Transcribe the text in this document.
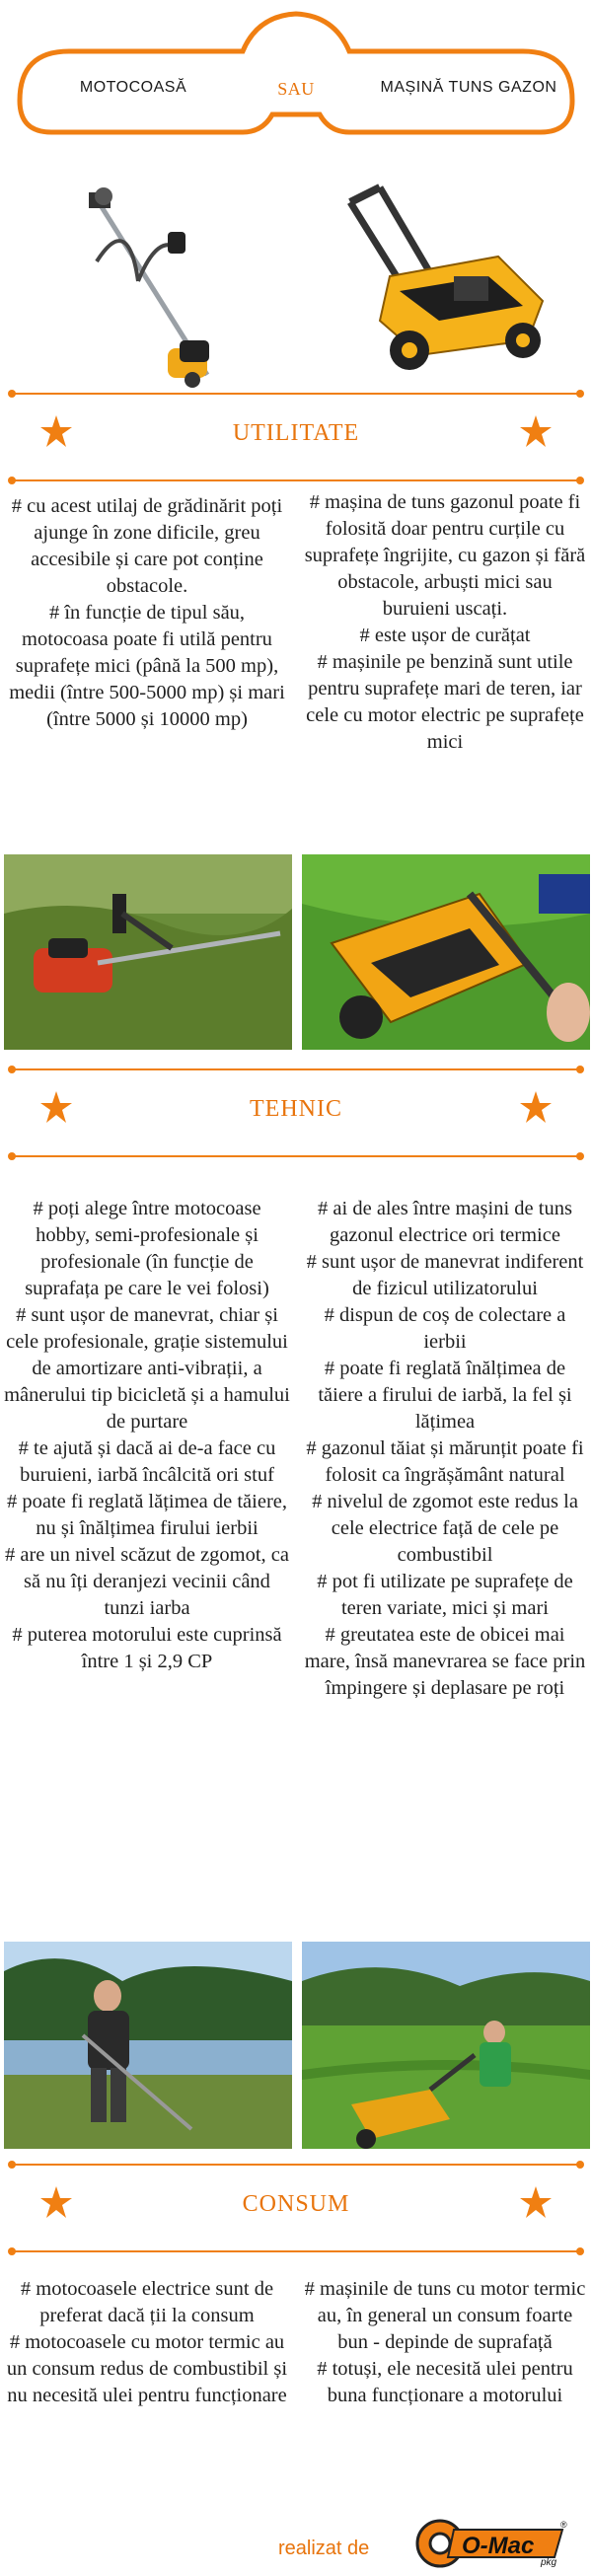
MOTOCOASĂ	SAU	MAȘINĂ TUNS GAZON
UTILITATE

# cu acest utilaj de grădinărit poți ajunge în zone dificile, greu accesibile și care pot conține obstacole.

# în funcție de tipul său, motocoasa poate fi utilă pentru suprafețe mici (până la 500 mp), medii (între 500-5000 mp) și mari (între 5000 și 10000 mp)

# mașina de tuns gazonul poate fi folosită doar pentru curțile cu suprafețe îngrijite, cu gazon și fără obstacole, arbuști mici sau buruieni uscați.

# este ușor de curățat

# mașinile pe benzină sunt utile pentru suprafețe mari de teren, iar cele cu motor electric pe suprafețe mici

TEHNIC

# poți alege între motocoase hobby, semi-profesionale și profesionale (în funcție de suprafața pe care le vei folosi)

# sunt ușor de manevrat, chiar și cele profesionale, grație sistemului de amortizare anti-vibrații, a mânerului tip bicicletă și a hamului de purtare

# te ajută și dacă ai de-a face cu buruieni, iarbă încâlcită ori stuf

# poate fi reglată lățimea de tăiere, nu și înălțimea firului ierbii

# are un nivel scăzut de zgomot, ca să nu îți deranjezi vecinii când tunzi iarba

# puterea motorului este cuprinsă între 1 și 2,9 CP

# ai de ales între mașini de tuns gazonul electrice ori termice

# sunt ușor de manevrat indiferent de fizicul utilizatorului

# dispun de coș de colectare a ierbii

# poate fi reglată înălțimea de tăiere a firului de iarbă, la fel și lățimea

# gazonul tăiat și mărunțit poate fi folosit ca îngrășământ natural

# nivelul de zgomot este redus la cele electrice față de cele pe combustibil

# pot fi utilizate pe suprafețe de teren variate, mici și mari

# greutatea este de obicei mai mare, însă manevrarea se face prin împingere și deplasare pe roți

CONSUM

# motocoasele electrice sunt de preferat dacă ții la consum

# motocoasele cu motor termic au un consum redus de combustibil și nu necesită ulei pentru funcționare

# mașinile de tuns cu motor termic au, în general un consum foarte bun - depinde de suprafață

# totuși, ele necesită ulei pentru buna funcționare a motorului

realizat de	O-Mac
pkg
®
